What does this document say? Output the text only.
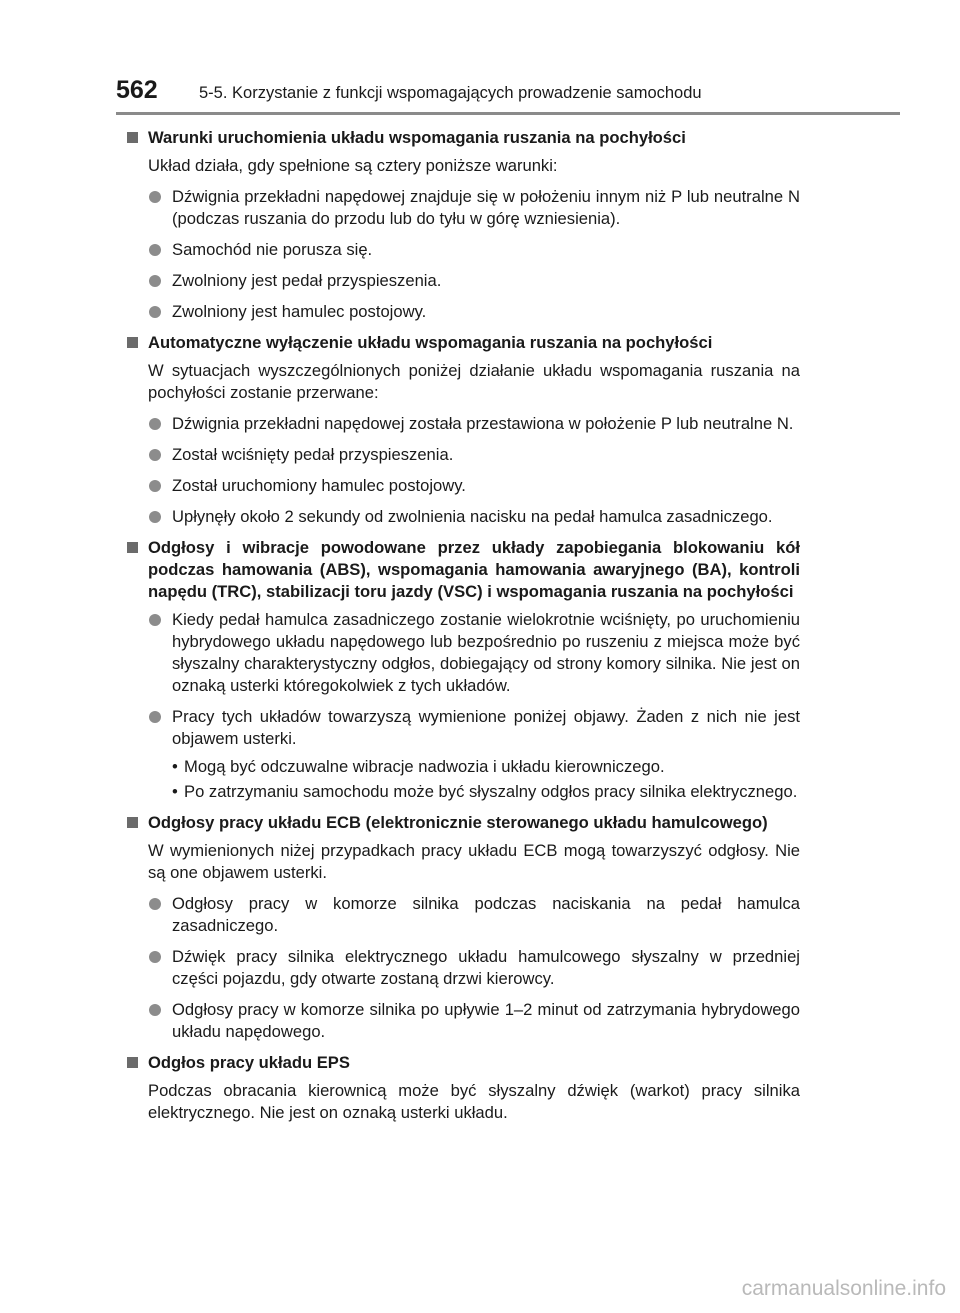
562	5-5. Korzystanie z funkcji wspomagających prowadzenie samochodu
Warunki uruchomienia układu wspomagania ruszania na pochyłości
Układ działa, gdy spełnione są cztery poniższe warunki:
Dźwignia przekładni napędowej znajduje się w położeniu innym niż P lub neutralne N (podczas ruszania do przodu lub do tyłu w górę wzniesienia).
Samochód nie porusza się.
Zwolniony jest pedał przyspieszenia.
Zwolniony jest hamulec postojowy.
Automatyczne wyłączenie układu wspomagania ruszania na pochyłości
W sytuacjach wyszczególnionych poniżej działanie układu wspomagania ruszania na pochyłości zostanie przerwane:
Dźwignia przekładni napędowej została przestawiona w położenie P lub neutralne N.
Został wciśnięty pedał przyspieszenia.
Został uruchomiony hamulec postojowy.
Upłynęły około 2 sekundy od zwolnienia nacisku na pedał hamulca zasadniczego.
Odgłosy i wibracje powodowane przez układy zapobiegania blokowaniu kół podczas hamowania (ABS), wspomagania hamowania awaryjnego (BA), kontroli napędu (TRC), stabilizacji toru jazdy (VSC) i wspomagania ruszania na pochyłości
Kiedy pedał hamulca zasadniczego zostanie wielokrotnie wciśnięty, po uruchomieniu hybrydowego układu napędowego lub bezpośrednio po ruszeniu z miejsca może być słyszalny charakterystyczny odgłos, dobiegający od strony komory silnika. Nie jest on oznaką usterki któregokolwiek z tych układów.
Pracy tych układów towarzyszą wymienione poniżej objawy. Żaden z nich nie jest objawem usterki.
• Mogą być odczuwalne wibracje nadwozia i układu kierowniczego.
• Po zatrzymaniu samochodu może być słyszalny odgłos pracy silnika elektrycznego.
Odgłosy pracy układu ECB (elektronicznie sterowanego układu hamulcowego)
W wymienionych niżej przypadkach pracy układu ECB mogą towarzyszyć odgłosy. Nie są one objawem usterki.
Odgłosy pracy w komorze silnika podczas naciskania na pedał hamulca zasadniczego.
Dźwięk pracy silnika elektrycznego układu hamulcowego słyszalny w przedniej części pojazdu, gdy otwarte zostaną drzwi kierowcy.
Odgłosy pracy w komorze silnika po upływie 1–2 minut od zatrzymania hybrydowego układu napędowego.
Odgłos pracy układu EPS
Podczas obracania kierownicą może być słyszalny dźwięk (warkot) pracy silnika elektrycznego. Nie jest on oznaką usterki układu.
carmanualsonline.info
